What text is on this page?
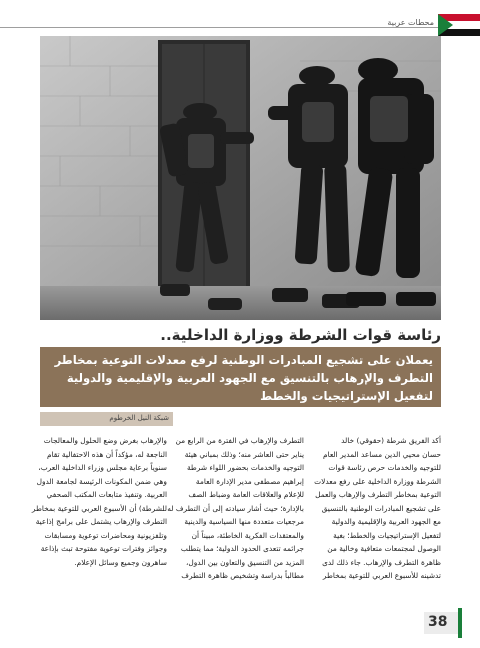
محطات عربية
رئاسة قوات الشرطة ووزارة الداخلية..

يعملان على تشجيع المبادرات الوطنية لرفع معدلات التوعية بمخاطر

التطرف والإرهاب بالتنسيق مع الجهود العربية والإقليمية والدولية

لتفعيل الإستراتيجيات والخطط

شبكة النيل الخرطوم

أكد الفريق شرطة (حقوقي) خالد

حسان محيي الدين مساعد المدير العام

للتوجيه والخدمات حرص رئاسة قوات

الشرطة ووزارة الداخلية على رفع معدلات

التوعية بمخاطر التطرف والإرهاب والعمل

على تشجيع المبادرات الوطنية بالتنسيق

مع الجهود العربية والإقليمية والدولية

لتفعيل الإستراتيجيات والخطط؛ بغية

الوصول لمجتمعات متعافية وخالية من

ظاهرة التطرف والإرهاب. جاء ذلك لدى

تدشينه للأسبوع العربي للتوعية بمخاطر

التطرف والإرهاب في الفترة من الرابع من

يناير حتى العاشر منه؛ وذلك بمباني هيئة

التوجيه والخدمات بحضور اللواء شرطة

إبراهيم مصطفى مدير الإدارة العامة

للإعلام والعلاقات العامة وضباط الصف

بالإدارة؛ حيث أشار سيادته إلى أن التطرف له

مرجعيات متعددة منها السياسية والدينية

والمعتقدات الفكرية الخاطئة، مبيناً أن

جرائمه تتعدى الحدود الدولية؛ مما يتطلب

المزيد من التنسيق والتعاون بين الدول،

مطالباً بدراسة وتشخيص ظاهرة التطرف

والإرهاب بغرض وضع الحلول والمعالجات

الناجعة له، مؤكداً أن هذه الاحتفالية تقام

سنوياً برعاية مجلس وزراء الداخلية العرب،

وهي ضمن المكونات الرئيسة لجامعة الدول

العربية. وتنفيذ متابعات المكتب الصحفي

للشرطة) أن الأسبوع العربي للتوعية بمخاطر

التطرف والإرهاب يشتمل على برامج إذاعية

وتلفزيونية ومحاضرات توعوية ومسابقات

وجوائز وفترات توعوية مفتوحة تبث بإذاعة

ساهرون وجميع وسائل الإعلام.

38
